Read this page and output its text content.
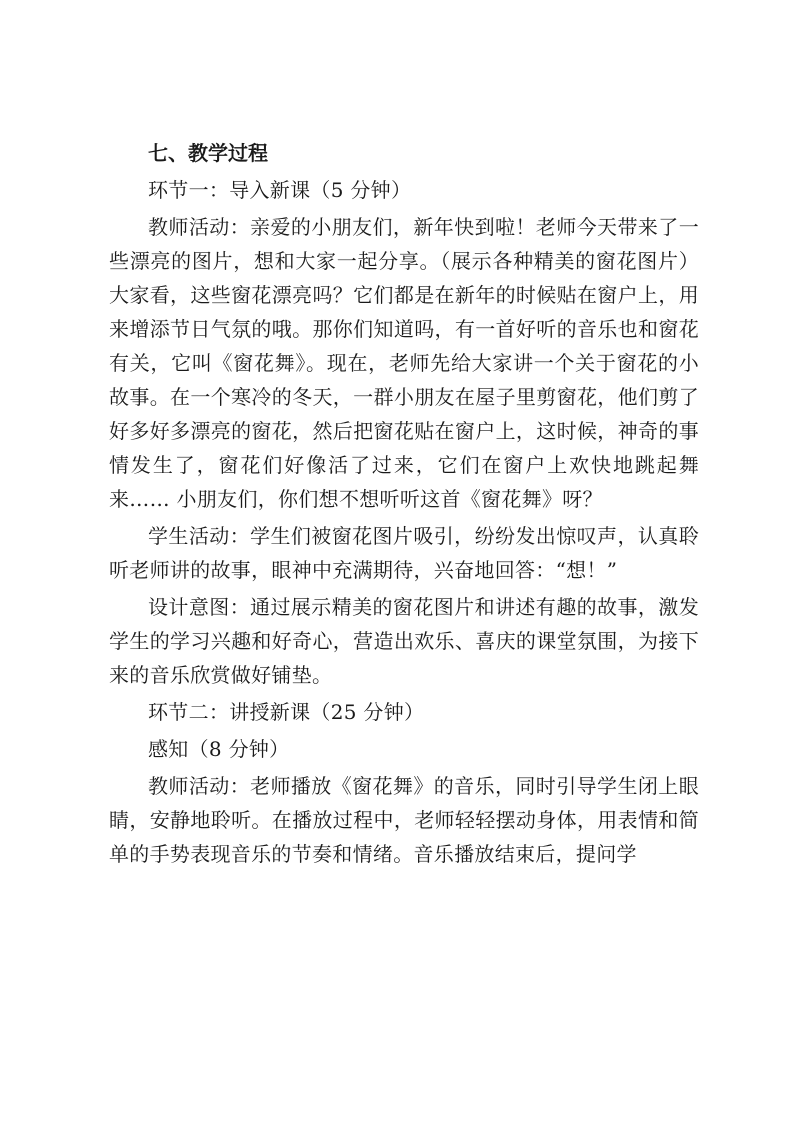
七、教学过程

环节一：导入新课（5 分钟）

教师活动：亲爱的小朋友们，新年快到啦！老师今天带来了一些漂亮的图片，想和大家一起分享。（展示各种精美的窗花图片）大家看，这些窗花漂亮吗？它们都是在新年的时候贴在窗户上，用来增添节日气氛的哦。那你们知道吗，有一首好听的音乐也和窗花有关，它叫《窗花舞》。现在，老师先给大家讲一个关于窗花的小故事。在一个寒冷的冬天，一群小朋友在屋子里剪窗花，他们剪了好多好多漂亮的窗花，然后把窗花贴在窗户上，这时候，神奇的事情发生了，窗花们好像活了过来，它们在窗户上欢快地跳起舞来…… 小朋友们，你们想不想听听这首《窗花舞》呀？

学生活动：学生们被窗花图片吸引，纷纷发出惊叹声，认真聆听老师讲的故事，眼神中充满期待，兴奋地回答：“想！”

设计意图：通过展示精美的窗花图片和讲述有趣的故事，激发学生的学习兴趣和好奇心，营造出欢乐、喜庆的课堂氛围，为接下来的音乐欣赏做好铺垫。

环节二：讲授新课（25 分钟）

感知（8 分钟）

教师活动：老师播放《窗花舞》的音乐，同时引导学生闭上眼睛，安静地聆听。在播放过程中，老师轻轻摆动身体，用表情和简单的手势表现音乐的节奏和情绪。音乐播放结束后，提问学
